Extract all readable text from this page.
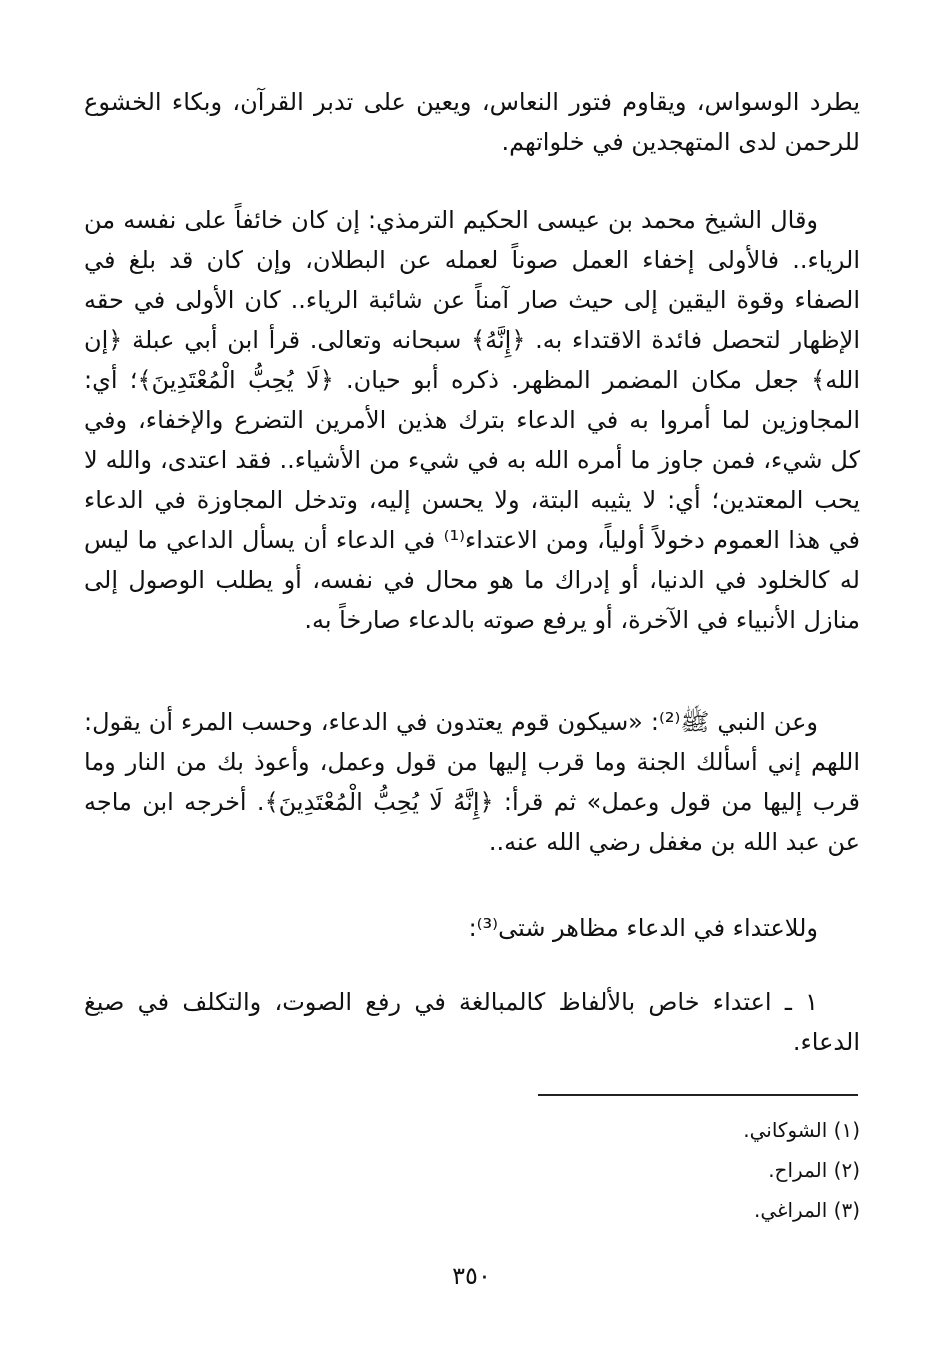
يطرد الوسواس، ويقاوم فتور النعاس، ويعين على تدبر القرآن، وبكاء الخشوع للرحمن لدى المتهجدين في خلواتهم.
وقال الشيخ محمد بن عيسى الحكيم الترمذي: إن كان خائفاً على نفسه من الرياء.. فالأولى إخفاء العمل صوناً لعمله عن البطلان، وإن كان قد بلغ في الصفاء وقوة اليقين إلى حيث صار آمناً عن شائبة الرياء.. كان الأولى في حقه الإظهار لتحصل فائدة الاقتداء به. ﴿إِنَّهُ﴾ سبحانه وتعالى. قرأ ابن أبي عبلة ﴿إن الله﴾ جعل مكان المضمر المظهر. ذكره أبو حيان. ﴿لَا يُحِبُّ الْمُعْتَدِينَ﴾؛ أي: المجاوزين لما أمروا به في الدعاء بترك هذين الأمرين التضرع والإخفاء، وفي كل شيء، فمن جاوز ما أمره الله به في شيء من الأشياء.. فقد اعتدى، والله لا يحب المعتدين؛ أي: لا يثيبه البتة، ولا يحسن إليه، وتدخل المجاوزة في الدعاء في هذا العموم دخولاً أولياً، ومن الاعتداء⁽¹⁾ في الدعاء أن يسأل الداعي ما ليس له كالخلود في الدنيا، أو إدراك ما هو محال في نفسه، أو يطلب الوصول إلى منازل الأنبياء في الآخرة، أو يرفع صوته بالدعاء صارخاً به.
وعن النبي ﷺ⁽²⁾: «سيكون قوم يعتدون في الدعاء، وحسب المرء أن يقول: اللهم إني أسألك الجنة وما قرب إليها من قول وعمل، وأعوذ بك من النار وما قرب إليها من قول وعمل» ثم قرأ: ﴿إِنَّهُ لَا يُحِبُّ الْمُعْتَدِينَ﴾. أخرجه ابن ماجه عن عبد الله بن مغفل رضي الله عنه..
وللاعتداء في الدعاء مظاهر شتى⁽³⁾:
١ ـ اعتداء خاص بالألفاظ كالمبالغة في رفع الصوت، والتكلف في صيغ الدعاء.
(١) الشوكاني.
(٢) المراح.
(٣) المراغي.
٣٥٠
